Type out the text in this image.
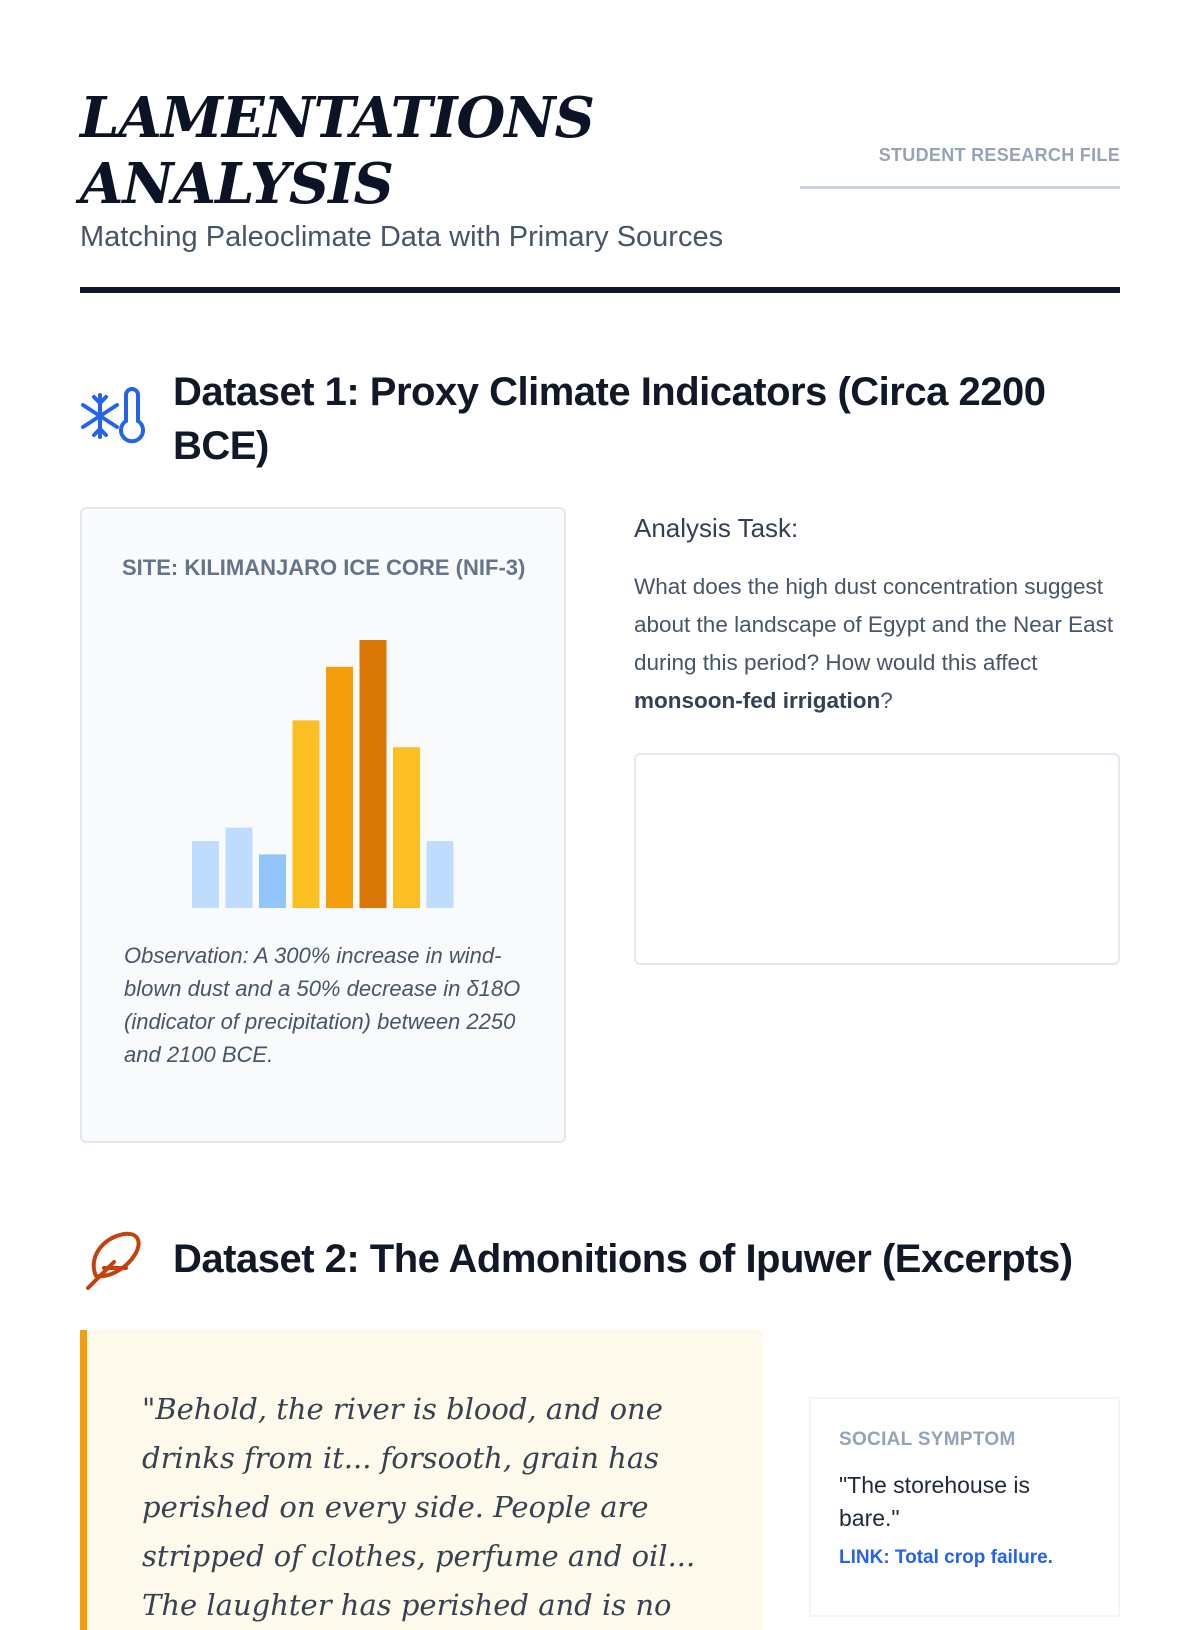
LAMENTATIONS
ANALYSIS
Matching Paleoclimate Data with Primary Sources
STUDENT RESEARCH FILE
Dataset 1: Proxy Climate Indicators (Circa 2200 BCE)
SITE: KILIMANJARO ICE CORE (NIF-3)
Observation: A 300% increase in wind-blown dust and a 50% decrease in δ18O (indicator of precipitation) between 2250 and 2100 BCE.
Analysis Task:
What does the high dust concentration suggest about the landscape of Egypt and the Near East during this period? How would this affect monsoon-fed irrigation?
Dataset 2: The Admonitions of Ipuwer (Excerpts)
"Behold, the river is blood, and one drinks from it... forsooth, grain has perished on every side. People are stripped of clothes, perfume and oil... The laughter has perished and is no
SOCIAL SYMPTOM
"The storehouse is bare."
LINK: Total crop failure.
